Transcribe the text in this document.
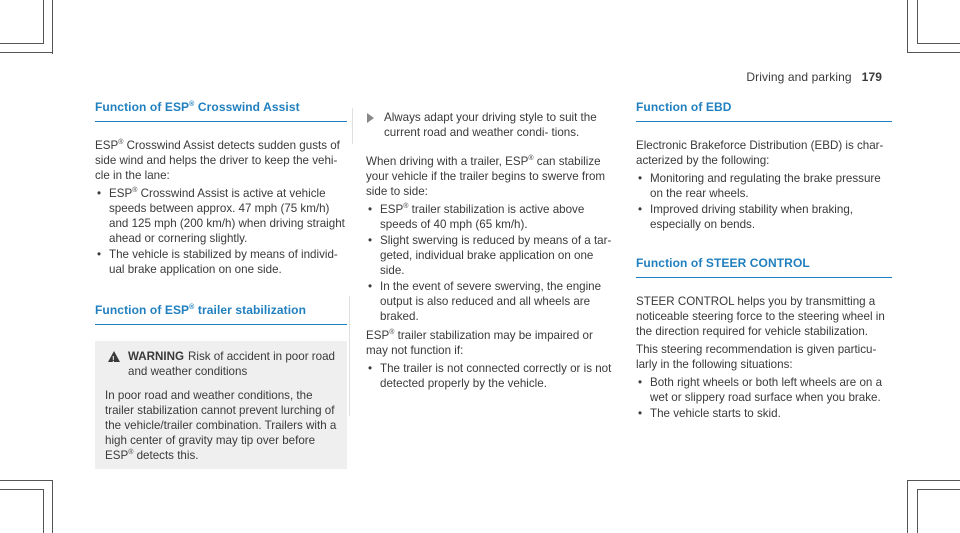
Driving and parking 179
Function of ESP® Crosswind Assist

ESP® Crosswind Assist detects sudden gusts of side wind and helps the driver to keep the vehi‐ cle in the lane:

• ESP® Crosswind Assist is active at vehicle speeds between approx. 47 mph (75 km/h) and 125 mph (200 km/h) when driving straight ahead or cornering slightly.
• The vehicle is stabilized by means of individ‐ ual brake application on one side.
Function of ESP® trailer stabilization
!
WARNING Risk of accident in poor road and weather conditions
In poor road and weather conditions, the trailer stabilization cannot prevent lurching of the vehicle/trailer combination. Trailers with a high center of gravity may tip over before ESP® detects this.
Always adapt your driving style to suit the current road and weather condi‐ tions.

When driving with a trailer, ESP® can stabilize your vehicle if the trailer begins to swerve from side to side:

• ESP® trailer stabilization is active above speeds of 40 mph (65 km/h).
• Slight swerving is reduced by means of a tar‐ geted, individual brake application on one side.
• In the event of severe swerving, the engine output is also reduced and all wheels are braked.

ESP® trailer stabilization may be impaired or may not function if:

• The trailer is not connected correctly or is not detected properly by the vehicle.
Function of EBD

Electronic Brakeforce Distribution (EBD) is char‐ acterized by the following:

• Monitoring and regulating the brake pressure on the rear wheels.
• Improved driving stability when braking, especially on bends.
Function of STEER CONTROL

STEER CONTROL helps you by transmitting a noticeable steering force to the steering wheel in the direction required for vehicle stabilization.

This steering recommendation is given particu‐ larly in the following situations:

• Both right wheels or both left wheels are on a wet or slippery road surface when you brake.
• The vehicle starts to skid.
